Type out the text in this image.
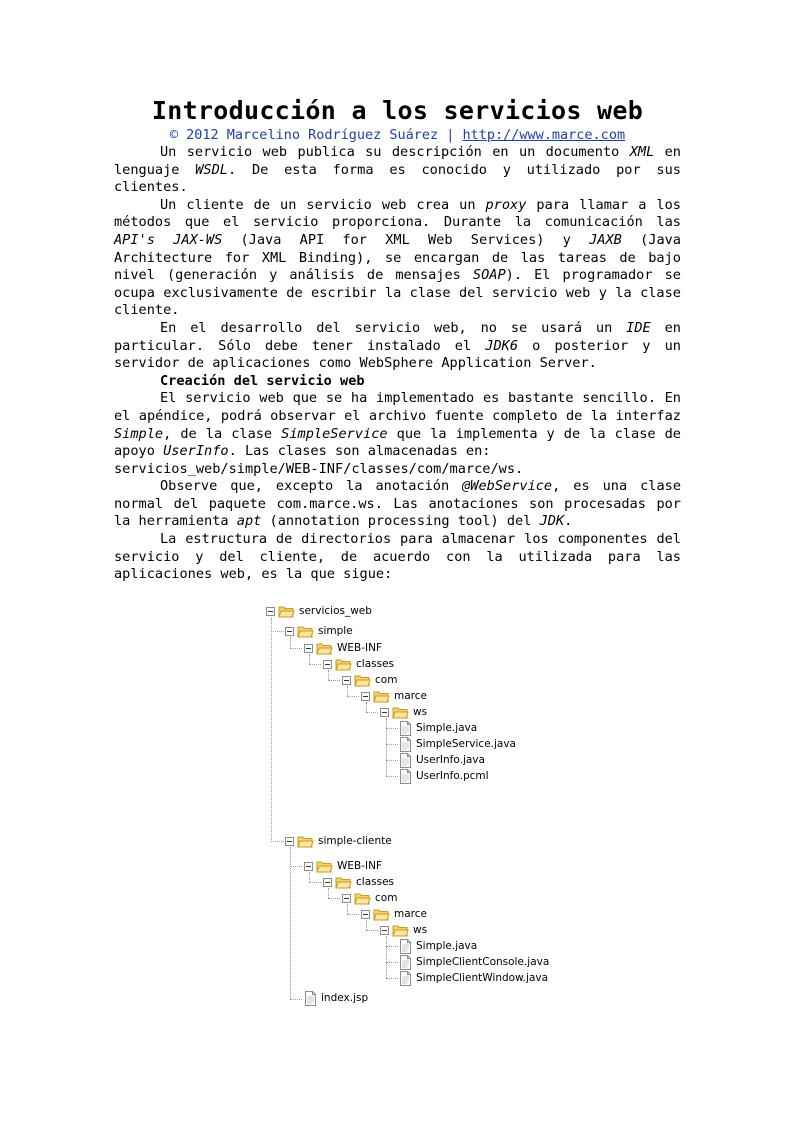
Introducción a los servicios web
© 2012 Marcelino Rodríguez Suárez | http://www.marce.com

Un servicio web publica su descripción en un documento XML en lenguaje WSDL. De esta forma es conocido y utilizado por sus clientes.

Un cliente de un servicio web crea un proxy para llamar a los métodos que el servicio proporciona. Durante la comunicación las API's JAX-WS (Java API for XML Web Services) y JAXB (Java Architecture for XML Binding), se encargan de las tareas de bajo nivel (generación y análisis de mensajes SOAP). El programador se ocupa exclusivamente de escribir la clase del servicio web y la clase cliente.

En el desarrollo del servicio web, no se usará un IDE en particular. Sólo debe tener instalado el JDK6 o posterior y un servidor de aplicaciones como WebSphere Application Server.

Creación del servicio web

El servicio web que se ha implementado es bastante sencillo. En el apéndice, podrá observar el archivo fuente completo de la interfaz Simple, de la clase SimpleService que la implementa y de la clase de apoyo UserInfo. Las clases son almacenadas en:

servicios_web/simple/WEB-INF/classes/com/marce/ws.

Observe que, excepto la anotación @WebService, es una clase normal del paquete com.marce.ws. Las anotaciones son procesadas por la herramienta apt (annotation processing tool) del JDK.

La estructura de directorios para almacenar los componentes del servicio y del cliente, de acuerdo con la utilizada para las aplicaciones web, es la que sigue:

servicios_web
simple
WEB-INF
classes
com
marce
ws
Simple.java
SimpleService.java
UserInfo.java
UserInfo.pcml
simple-cliente
WEB-INF
classes
com
marce
ws
Simple.java
SimpleClientConsole.java
SimpleClientWindow.java
index.jsp
